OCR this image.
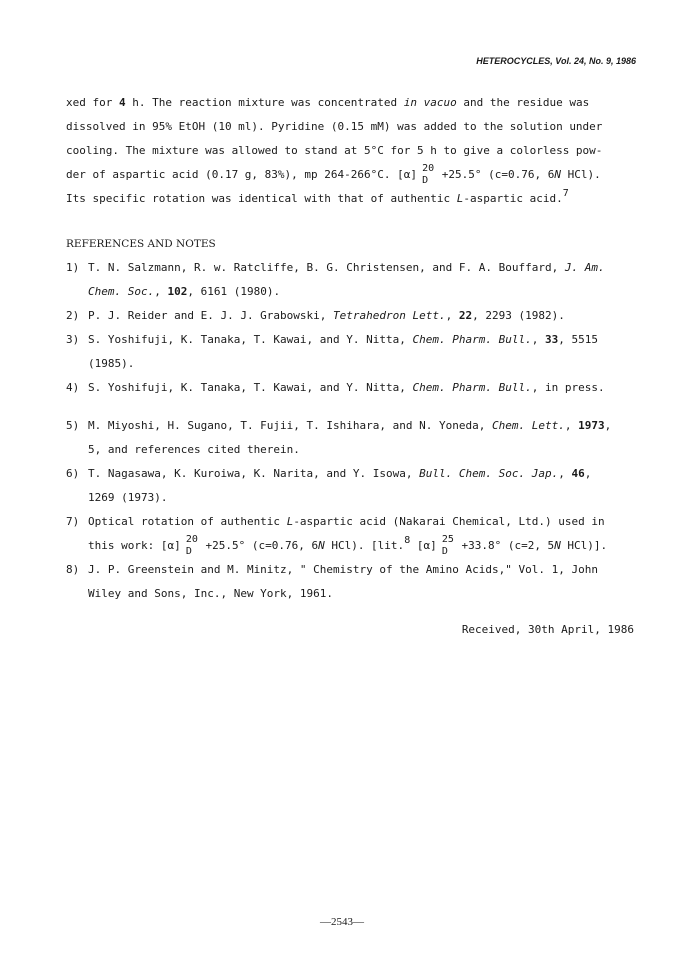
HETEROCYCLES, Vol. 24, No. 9, 1986
xed for 4 h. The reaction mixture was concentrated in vacuo and the residue was
dissolved in 95% EtOH (10 ml). Pyridine (0.15 mM) was added to the solution under
cooling. The mixture was allowed to stand at 5°C for 5 h to give a colorless pow-
der of aspartic acid (0.17 g, 83%), mp 264-266°C. [α] 20
D +25.5° (c=0.76, 6N HCl).
Its specific rotation was identical with that of authentic L-aspartic acid.7
REFERENCES AND NOTES
1) T. N. Salzmann, R. w. Ratcliffe, B. G. Christensen, and F. A. Bouffard, J. Am.
Chem. Soc., 102, 6161 (1980).
2) P. J. Reider and E. J. J. Grabowski, Tetrahedron Lett., 22, 2293 (1982).
3) S. Yoshifuji, K. Tanaka, T. Kawai, and Y. Nitta, Chem. Pharm. Bull., 33, 5515
(1985).
4) S. Yoshifuji, K. Tanaka, T. Kawai, and Y. Nitta, Chem. Pharm. Bull., in press.
5) M. Miyoshi, H. Sugano, T. Fujii, T. Ishihara, and N. Yoneda, Chem. Lett., 1973,
5, and references cited therein.
6) T. Nagasawa, K. Kuroiwa, K. Narita, and Y. Isowa, Bull. Chem. Soc. Jap., 46,
1269 (1973).
7) Optical rotation of authentic L-aspartic acid (Nakarai Chemical, Ltd.) used in
this work: [α] 20
D +25.5° (c=0.76, 6N HCl). [lit.8 [α] 25
D +33.8° (c=2, 5N HCl)].
8) J. P. Greenstein and M. Minitz, " Chemistry of the Amino Acids," Vol. 1, John
Wiley and Sons, Inc., New York, 1961.
Received, 30th April, 1986
—2543—
